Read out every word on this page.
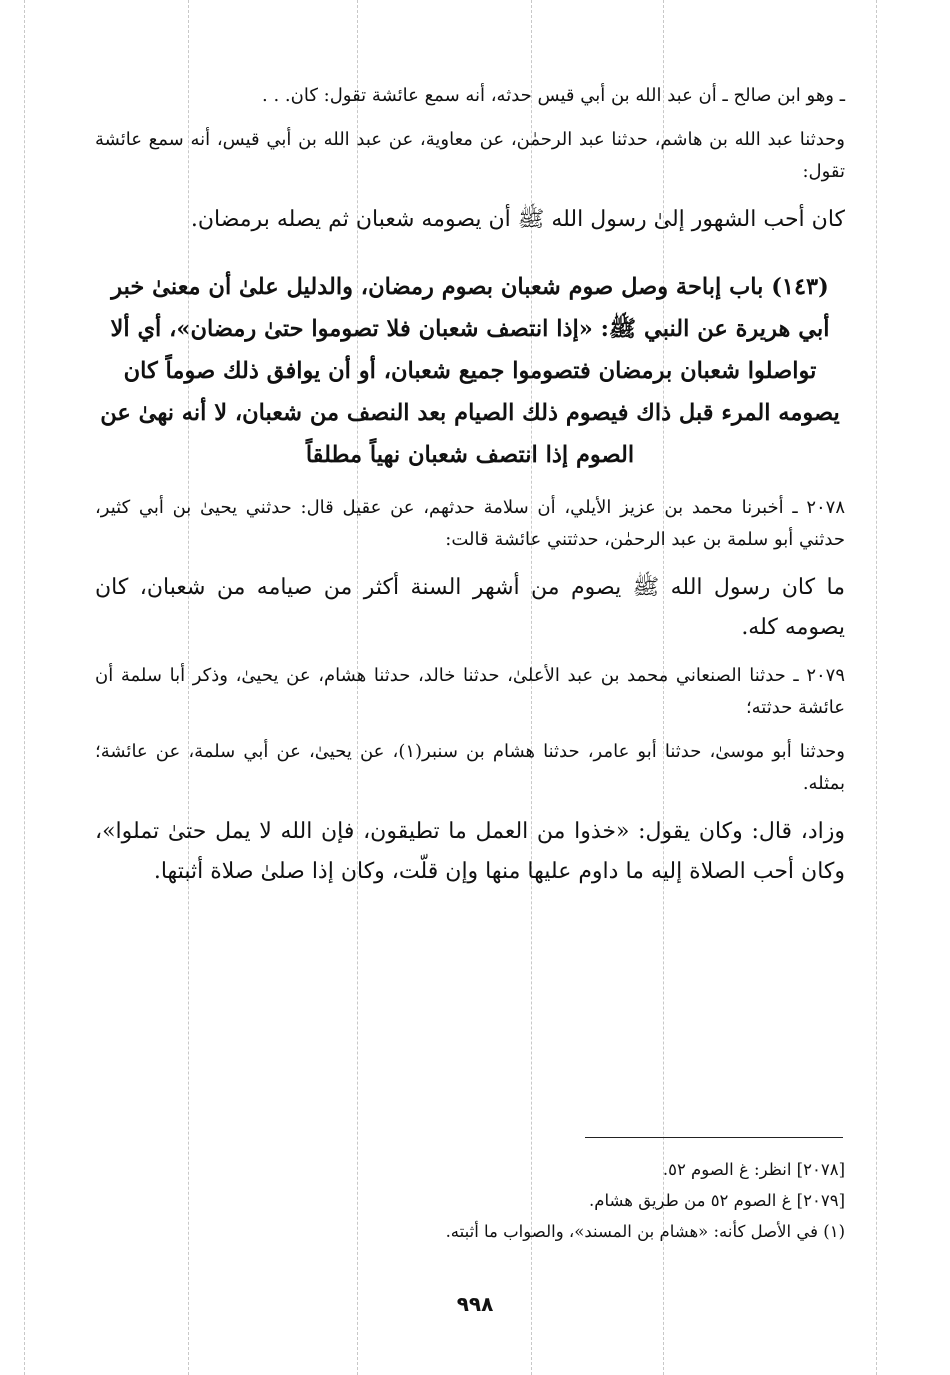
ـ وهو ابن صالح ـ أن عبد الله بن أبي قيس حدثه، أنه سمع عائشة تقول: كان. . .

وحدثنا عبد الله بن هاشم، حدثنا عبد الرحمٰن، عن معاوية، عن عبد الله بن أبي قيس، أنه سمع عائشة تقول:

كان أحب الشهور إلىٰ رسول الله ﷺ أن يصومه شعبان ثم يصله برمضان.

(١٤٣) باب إباحة وصل صوم شعبان بصوم رمضان، والدليل علىٰ أن معنىٰ خبر أبي هريرة عن النبي ﷺ: «إذا انتصف شعبان فلا تصوموا حتىٰ رمضان»، أي ألا تواصلوا شعبان برمضان فتصوموا جميع شعبان، أو أن يوافق ذلك صوماً كان يصومه المرء قبل ذاك فيصوم ذلك الصيام بعد النصف من شعبان، لا أنه نهىٰ عن الصوم إذا انتصف شعبان نهياً مطلقاً

٢٠٧٨ ـ أخبرنا محمد بن عزيز الأيلي، أن سلامة حدثهم، عن عقيل قال: حدثني يحيىٰ بن أبي كثير، حدثني أبو سلمة بن عبد الرحمٰن، حدثتني عائشة قالت:

ما كان رسول الله ﷺ يصوم من أشهر السنة أكثر من صيامه من شعبان، كان يصومه كله.

٢٠٧٩ ـ حدثنا الصنعاني محمد بن عبد الأعلىٰ، حدثنا خالد، حدثنا هشام، عن يحيىٰ، وذكر أبا سلمة أن عائشة حدثته؛

وحدثنا أبو موسىٰ، حدثنا أبو عامر، حدثنا هشام بن سنبر(١)، عن يحيىٰ، عن أبي سلمة، عن عائشة؛ بمثله.

وزاد، قال: وكان يقول: «خذوا من العمل ما تطيقون، فإن الله لا يمل حتىٰ تملوا»، وكان أحب الصلاة إليه ما داوم عليها منها وإن قلّت، وكان إذا صلىٰ صلاة أثبتها.

[٢٠٧٨] انظر: غ الصوم ٥٢.

[٢٠٧٩] غ الصوم ٥٢ من طريق هشام.

(١) في الأصل كأنه: «هشام بن المسند»، والصواب ما أثبته.

٩٩٨
